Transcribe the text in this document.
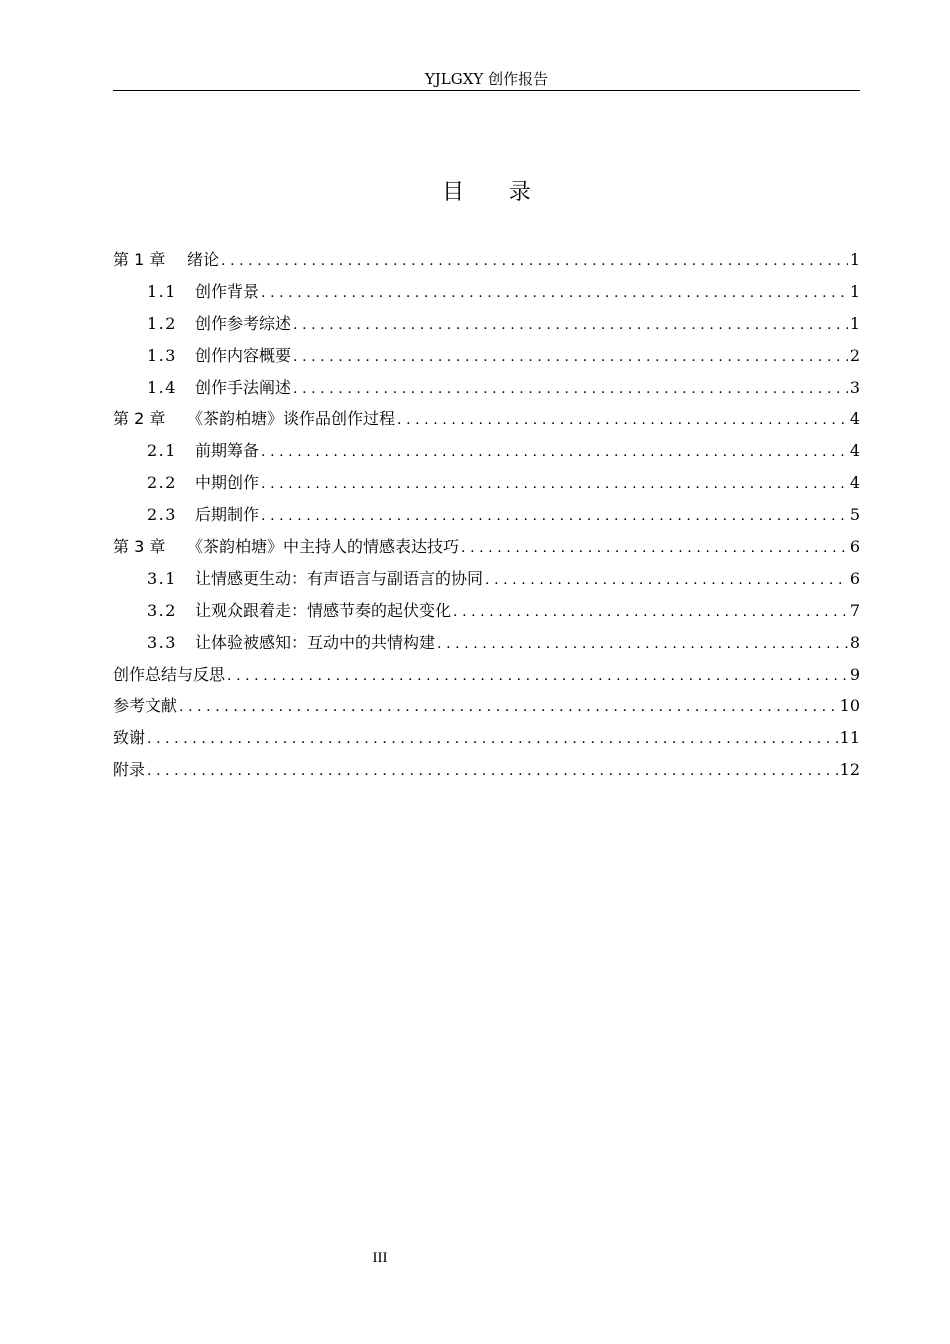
YJLGXY 创作报告
目　　录
第 1 章	绪论 .....	1
1.1	创作背景 .....	1
1.2	创作参考综述 .....	1
1.3	创作内容概要 .....	2
1.4	创作手法阐述 .....	3
第 2 章	《茶韵柏塘》谈作品创作过程 .....	4
2.1	前期筹备 .....	4
2.2	中期创作 .....	4
2.3	后期制作 .....	5
第 3 章	《茶韵柏塘》中主持人的情感表达技巧 .....	6
3.1	让情感更生动：有声语言与副语言的协同 .....	6
3.2	让观众跟着走：情感节奏的起伏变化 .....	7
3.3	让体验被感知：互动中的共情构建 .....	8
创作总结与反思 .....	9
参考文献 .....	10
致谢 .....	11
附录 .....	12
III
